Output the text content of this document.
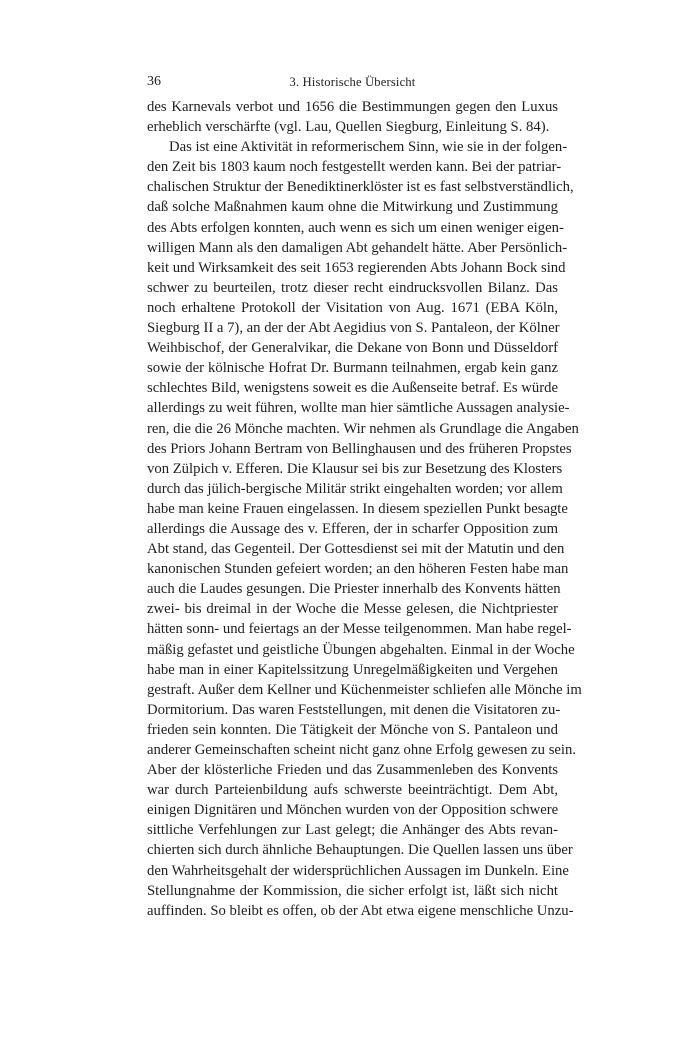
36	3. Historische Übersicht
des Karnevals verbot und 1656 die Bestimmungen gegen den Luxus
erheblich verschärfte (vgl. Lau, Quellen Siegburg, Einleitung S. 84).
Das ist eine Aktivität in reformerischem Sinn, wie sie in der folgen-
den Zeit bis 1803 kaum noch festgestellt werden kann. Bei der patriar-
chalischen Struktur der Benediktinerklöster ist es fast selbstverständlich,
daß solche Maßnahmen kaum ohne die Mitwirkung und Zustimmung
des Abts erfolgen konnten, auch wenn es sich um einen weniger eigen-
willigen Mann als den damaligen Abt gehandelt hätte. Aber Persönlich-
keit und Wirksamkeit des seit 1653 regierenden Abts Johann Bock sind
schwer zu beurteilen, trotz dieser recht eindrucksvollen Bilanz. Das
noch erhaltene Protokoll der Visitation von Aug. 1671 (EBA Köln,
Siegburg II a 7), an der der Abt Aegidius von S. Pantaleon, der Kölner
Weihbischof, der Generalvikar, die Dekane von Bonn und Düsseldorf
sowie der kölnische Hofrat Dr. Burmann teilnahmen, ergab kein ganz
schlechtes Bild, wenigstens soweit es die Außenseite betraf. Es würde
allerdings zu weit führen, wollte man hier sämtliche Aussagen analysie-
ren, die die 26 Mönche machten. Wir nehmen als Grundlage die Angaben
des Priors Johann Bertram von Bellinghausen und des früheren Propstes
von Zülpich v. Efferen. Die Klausur sei bis zur Besetzung des Klosters
durch das jülich-bergische Militär strikt eingehalten worden; vor allem
habe man keine Frauen eingelassen. In diesem speziellen Punkt besagte
allerdings die Aussage des v. Efferen, der in scharfer Opposition zum
Abt stand, das Gegenteil. Der Gottesdienst sei mit der Matutin und den
kanonischen Stunden gefeiert worden; an den höheren Festen habe man
auch die Laudes gesungen. Die Priester innerhalb des Konvents hätten
zwei- bis dreimal in der Woche die Messe gelesen, die Nichtpriester
hätten sonn- und feiertags an der Messe teilgenommen. Man habe regel-
mäßig gefastet und geistliche Übungen abgehalten. Einmal in der Woche
habe man in einer Kapitelssitzung Unregelmäßigkeiten und Vergehen
gestraft. Außer dem Kellner und Küchenmeister schliefen alle Mönche im
Dormitorium. Das waren Feststellungen, mit denen die Visitatoren zu-
frieden sein konnten. Die Tätigkeit der Mönche von S. Pantaleon und
anderer Gemeinschaften scheint nicht ganz ohne Erfolg gewesen zu sein.
Aber der klösterliche Frieden und das Zusammenleben des Konvents
war durch Parteienbildung aufs schwerste beeinträchtigt. Dem Abt,
einigen Dignitären und Mönchen wurden von der Opposition schwere
sittliche Verfehlungen zur Last gelegt; die Anhänger des Abts revan-
chierten sich durch ähnliche Behauptungen. Die Quellen lassen uns über
den Wahrheitsgehalt der widersprüchlichen Aussagen im Dunkeln. Eine
Stellungnahme der Kommission, die sicher erfolgt ist, läßt sich nicht
auffinden. So bleibt es offen, ob der Abt etwa eigene menschliche Unzu-
